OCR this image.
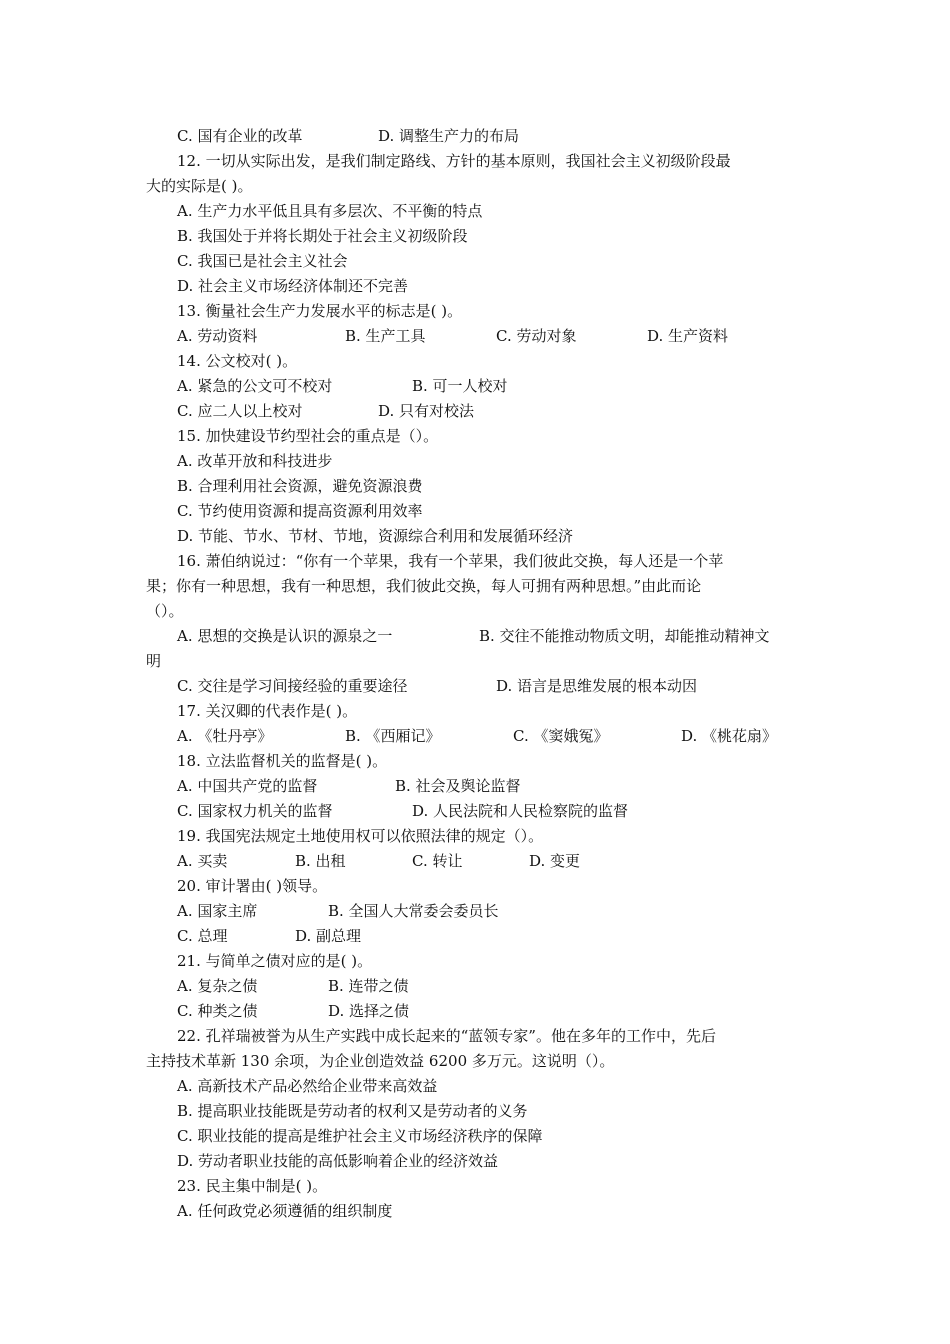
C. 国有企业的改革	D. 调整生产力的布局
12. 一切从实际出发，是我们制定路线、方针的基本原则，我国社会主义初级阶段最
大的实际是( )。
A. 生产力水平低且具有多层次、不平衡的特点
B. 我国处于并将长期处于社会主义初级阶段
C. 我国已是社会主义社会
D. 社会主义市场经济体制还不完善
13. 衡量社会生产力发展水平的标志是( )。
A. 劳动资料	B. 生产工具	C. 劳动对象	D. 生产资料
14. 公文校对( )。
A. 紧急的公文可不校对	B. 可一人校对
C. 应二人以上校对	D. 只有对校法
15. 加快建设节约型社会的重点是（）。
A. 改革开放和科技进步
B. 合理利用社会资源，避免资源浪费
C. 节约使用资源和提高资源利用效率
D. 节能、节水、节材、节地，资源综合利用和发展循环经济
16. 萧伯纳说过：“你有一个苹果，我有一个苹果，我们彼此交换，每人还是一个苹
果；你有一种思想，我有一种思想，我们彼此交换，每人可拥有两种思想。”由此而论
（）。
A. 思想的交换是认识的源泉之一	B. 交往不能推动物质文明，却能推动精神文
明
C. 交往是学习间接经验的重要途径	D. 语言是思维发展的根本动因
17. 关汉卿的代表作是( )。
A. 《牡丹亭》	B. 《西厢记》	C. 《窦娥冤》	D. 《桃花扇》
18. 立法监督机关的监督是( )。
A. 中国共产党的监督	B. 社会及舆论监督
C. 国家权力机关的监督	D. 人民法院和人民检察院的监督
19. 我国宪法规定土地使用权可以依照法律的规定（）。
A. 买卖	B. 出租	C. 转让	D. 变更
20. 审计署由( )领导。
A. 国家主席	B. 全国人大常委会委员长
C. 总理	D. 副总理
21. 与简单之债对应的是( )。
A. 复杂之债	B. 连带之债
C. 种类之债	D. 选择之债
22. 孔祥瑞被誉为从生产实践中成长起来的“蓝领专家”。他在多年的工作中，先后
主持技术革新 130 余项，为企业创造效益 6200 多万元。这说明（）。
A. 高新技术产品必然给企业带来高效益
B. 提高职业技能既是劳动者的权利又是劳动者的义务
C. 职业技能的提高是维护社会主义市场经济秩序的保障
D. 劳动者职业技能的高低影响着企业的经济效益
23. 民主集中制是( )。
A. 任何政党必须遵循的组织制度
